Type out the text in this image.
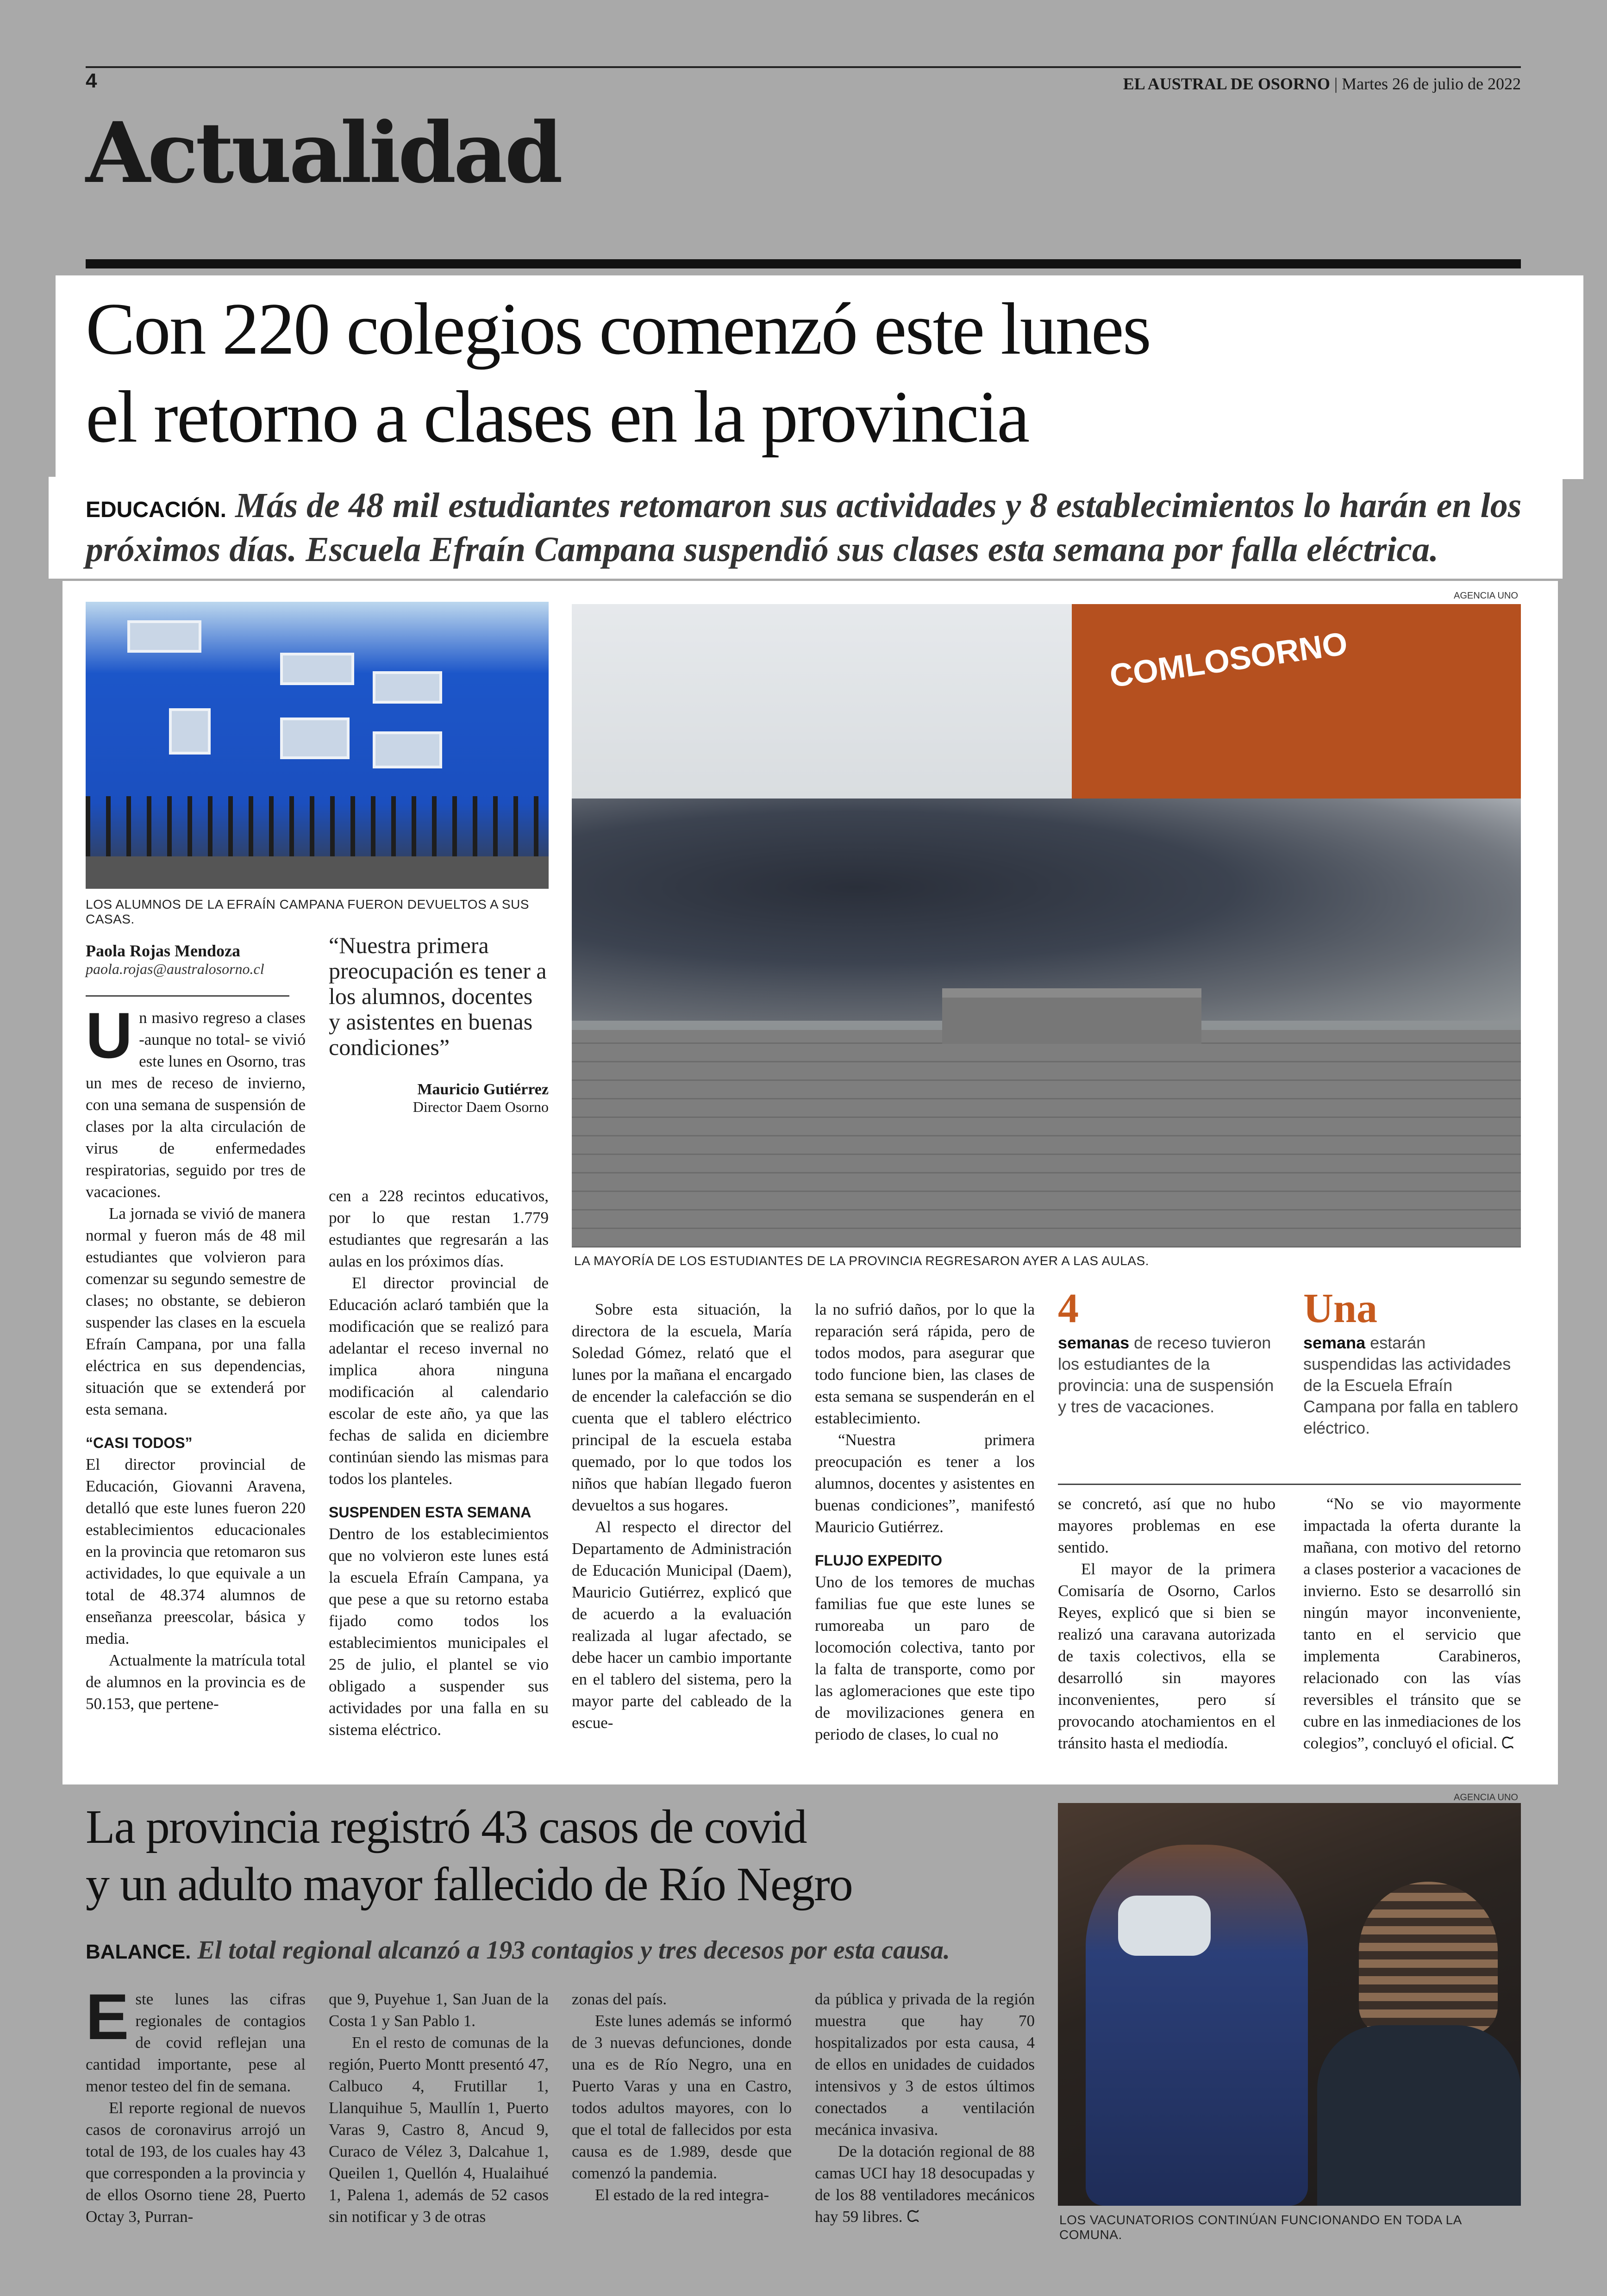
4	EL AUSTRAL DE OSORNO | Martes 26 de julio de 2022
Actualidad
Con 220 colegios comenzó este lunes
el retorno a clases en la provincia

EDUCACIÓN. Más de 48 mil estudiantes retomaron sus actividades y 8 establecimientos lo harán en los próximos días. Escuela Efraín Campana suspendió sus clases esta semana por falla eléctrica.

LOS ALUMNOS DE LA EFRAÍN CAMPANA FUERON DEVUELTOS A SUS CASAS.
AGENCIA UNO
COMLOSORNO
LA MAYORÍA DE LOS ESTUDIANTES DE LA PROVINCIA REGRESARON AYER A LAS AULAS.
Paola Rojas Mendoza
paola.rojas@australosorno.cl
“Nuestra primera preocupación es tener a los alumnos, docentes y asistentes en buenas condiciones”
Mauricio Gutiérrez
Director Daem Osorno

Un masivo regreso a clases -aunque no total- se vivió este lunes en Osorno, tras un mes de receso de invierno, con una semana de suspensión de clases por la alta circulación de virus de enfermedades respiratorias, seguido por tres de vacaciones.

La jornada se vivió de manera normal y fueron más de 48 mil estudiantes que volvieron para comenzar su segundo semestre de clases; no obstante, se debieron suspender las clases en la escuela Efraín Campana, por una falla eléctrica en sus dependencias, situación que se extenderá por esta semana.

“CASI TODOS”

El director provincial de Educación, Giovanni Aravena, detalló que este lunes fueron 220 establecimientos educacionales en la provincia que retomaron sus actividades, lo que equivale a un total de 48.374 alumnos de enseñanza preescolar, básica y media.

Actualmente la matrícula total de alumnos en la provincia es de 50.153, que pertene-

cen a 228 recintos educativos, por lo que restan 1.779 estudiantes que regresarán a las aulas en los próximos días.

El director provincial de Educación aclaró también que la modificación que se realizó para adelantar el receso invernal no implica ahora ninguna modificación al calendario escolar de este año, ya que las fechas de salida en diciembre continúan siendo las mismas para todos los planteles.

SUSPENDEN ESTA SEMANA

Dentro de los establecimientos que no volvieron este lunes está la escuela Efraín Campana, ya que pese a que su retorno estaba fijado como todos los establecimientos municipales el 25 de julio, el plantel se vio obligado a suspender sus actividades por una falla en su sistema eléctrico.

Sobre esta situación, la directora de la escuela, María Soledad Gómez, relató que el lunes por la mañana el encargado de encender la calefacción se dio cuenta que el tablero eléctrico principal de la escuela estaba quemado, por lo que todos los niños que habían llegado fueron devueltos a sus hogares.

Al respecto el director del Departamento de Administración de Educación Municipal (Daem), Mauricio Gutiérrez, explicó que de acuerdo a la evaluación realizada al lugar afectado, se debe hacer un cambio importante en el tablero del sistema, pero la mayor parte del cableado de la escue-

la no sufrió daños, por lo que la reparación será rápida, pero de todos modos, para asegurar que todo funcione bien, las clases de esta semana se suspenderán en el establecimiento.

“Nuestra primera preocupación es tener a los alumnos, docentes y asistentes en buenas condiciones”, manifestó Mauricio Gutiérrez.

FLUJO EXPEDITO

Uno de los temores de muchas familias fue que este lunes se rumoreaba un paro de locomoción colectiva, tanto por la falta de transporte, como por las aglomeraciones que este tipo de movilizaciones genera en periodo de clases, lo cual no

4
semanas de receso tuvieron los estudiantes de la provincia: una de suspensión y tres de vacaciones.
Una
semana estarán suspendidas las actividades de la Escuela Efraín Campana por falla en tablero eléctrico.

se concretó, así que no hubo mayores problemas en ese sentido.

El mayor de la primera Comisaría de Osorno, Carlos Reyes, explicó que si bien se realizó una caravana autorizada de taxis colectivos, ella se desarrolló sin mayores inconvenientes, pero sí provocando atochamientos en el tránsito hasta el mediodía.

“No se vio mayormente impactada la oferta durante la mañana, con motivo del retorno a clases posterior a vacaciones de invierno. Esto se desarrolló sin ningún mayor inconveniente, tanto en el servicio que implementa Carabineros, relacionado con las vías reversibles el tránsito que se cubre en las inmediaciones de los colegios”, concluyó el oficial. ᙅ

La provincia registró 43 casos de covid
y un adulto mayor fallecido de Río Negro
BALANCE. El total regional alcanzó a 193 contagios y tres decesos por esta causa.
AGENCIA UNO
LOS VACUNATORIOS CONTINÚAN FUNCIONANDO EN TODA LA COMUNA.

Este lunes las cifras regionales de contagios de covid reflejan una cantidad importante, pese al menor testeo del fin de semana.

El reporte regional de nuevos casos de coronavirus arrojó un total de 193, de los cuales hay 43 que corresponden a la provincia y de ellos Osorno tiene 28, Puerto Octay 3, Purran-

que 9, Puyehue 1, San Juan de la Costa 1 y San Pablo 1.

En el resto de comunas de la región, Puerto Montt presentó 47, Calbuco 4, Frutillar 1, Llanquihue 5, Maullín 1, Puerto Varas 9, Castro 8, Ancud 9, Curaco de Vélez 3, Dalcahue 1, Queilen 1, Quellón 4, Hualaihué 1, Palena 1, además de 52 casos sin notificar y 3 de otras

zonas del país.

Este lunes además se informó de 3 nuevas defunciones, donde una es de Río Negro, una en Puerto Varas y una en Castro, todos adultos mayores, con lo que el total de fallecidos por esta causa es de 1.989, desde que comenzó la pandemia.

El estado de la red integra-

da pública y privada de la región muestra que hay 70 hospitalizados por esta causa, 4 de ellos en unidades de cuidados intensivos y 3 de estos últimos conectados a ventilación mecánica invasiva.

De la dotación regional de 88 camas UCI hay 18 desocupadas y de los 88 ventiladores mecánicos hay 59 libres. ᙅ
